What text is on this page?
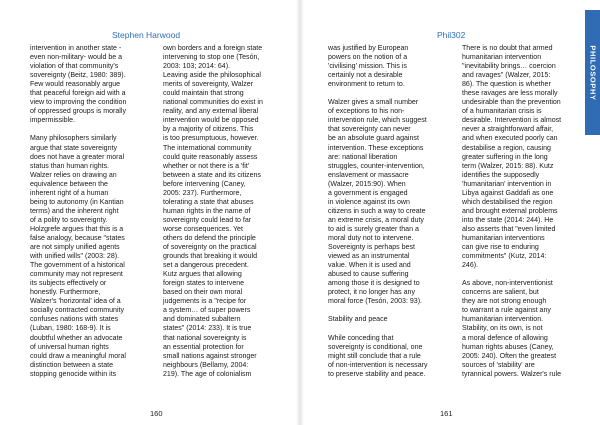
Stephen Harwood

intervention in another state -
even non-military- would be a
violation of that community's
sovereignty (Beitz, 1980: 389).
Few would reasonably argue
that peaceful foreign aid with a
view to improving the condition
of oppressed groups is morally
impermissible.

Many philosophers similarly
argue that state sovereignty
does not have a greater moral
status than human rights.
Walzer relies on drawing an
equivalence between the
inherent right of a human
being to autonomy (in Kantian
terms) and the inherent right
of a polity to sovereignty.
Holzgrefe argues that this is a
false analogy, because "states
are not simply unified agents
with unified wills" (2003: 28).
The government of a historical
community may not represent
its subjects effectively or
honestly. Furthermore,
Walzer's 'horizontal' idea of a
socially contracted community
confuses nations with states
(Luban, 1980: 168-9). It is
doubtful whether an advocate
of universal human rights
could draw a meaningful moral
distinction between a state
stopping genocide within its

own borders and a foreign state
intervening to stop one (Tesón,
2003: 103; 2014: 64).
Leaving aside the philosophical
merits of sovereignty, Walzer
could maintain that strong
national communities do exist in
reality, and any external liberal
intervention would be opposed
by a majority of citizens. This
is too presumptuous, however.
The international community
could quite reasonably assess
whether or not there is a 'fit'
between a state and its citizens
before intervening (Caney,
2005: 237). Furthermore,
tolerating a state that abuses
human rights in the name of
sovereignty could lead to far
worse consequences. Yet
others do defend the principle
of sovereignty on the practical
grounds that breaking it would
set a dangerous precedent.
Kutz argues that allowing
foreign states to intervene
based on their own moral
judgements is a "recipe for
a system… of super powers
and dominated subaltern
states" (2014: 233). It is true
that national sovereignty is
an essential protection for
small nations against stronger
neighbours (Bellamy, 2004:
219). The age of colonialism

160
Phil302

was justified by European
powers on the notion of a
'civilising' mission. This is
certainly not a desirable
environment to return to.

Walzer gives a small number
of exceptions to his non-
intervention rule, which suggest
that sovereignty can never
be an absolute guard against
intervention. These exceptions
are: national liberation
struggles, counter-intervention,
enslavement or massacre
(Walzer, 2015:90). When
a government is engaged
in violence against its own
citizens in such a way to create
an extreme crisis, a moral duty
to aid is surely greater than a
moral duty not to intervene.
Sovereignty is perhaps best
viewed as an instrumental
value. When it is used and
abused to cause suffering
among those it is designed to
protect, it no longer has any
moral force (Tesón, 2003: 93).

Stability and peace

While conceding that
sovereignty is conditional, one
might still conclude that a rule
of non-intervention is necessary
to preserve stability and peace.

There is no doubt that armed
humanitarian intervention
"inevitability brings… coercion
and ravages" (Walzer, 2015:
86). The question is whether
these ravages are less morally
undesirable than the prevention
of a humanitarian crisis is
desirable. Intervention is almost
never a straightforward affair,
and when executed poorly can
destabilise a region, causing
greater suffering in the long
term (Walzer, 2015: 88). Kutz
identifies the supposedly
'humanitarian' intervention in
Libya against Gaddafi as one
which destabilised the region
and brought external problems
into the state (2014: 244). He
also asserts that "even limited
humanitarian interventions
can give rise to enduring
commitments" (Kutz, 2014:
246).

As above, non-interventionist
concerns are salient, but
they are not strong enough
to warrant a rule against any
humanitarian intervention.
Stability, on its own, is not
a moral defence of allowing
human rights abuses (Caney,
2005: 240). Often the greatest
sources of 'stability' are
tyrannical powers. Walzer's rule

161
PHILOSOPHY
